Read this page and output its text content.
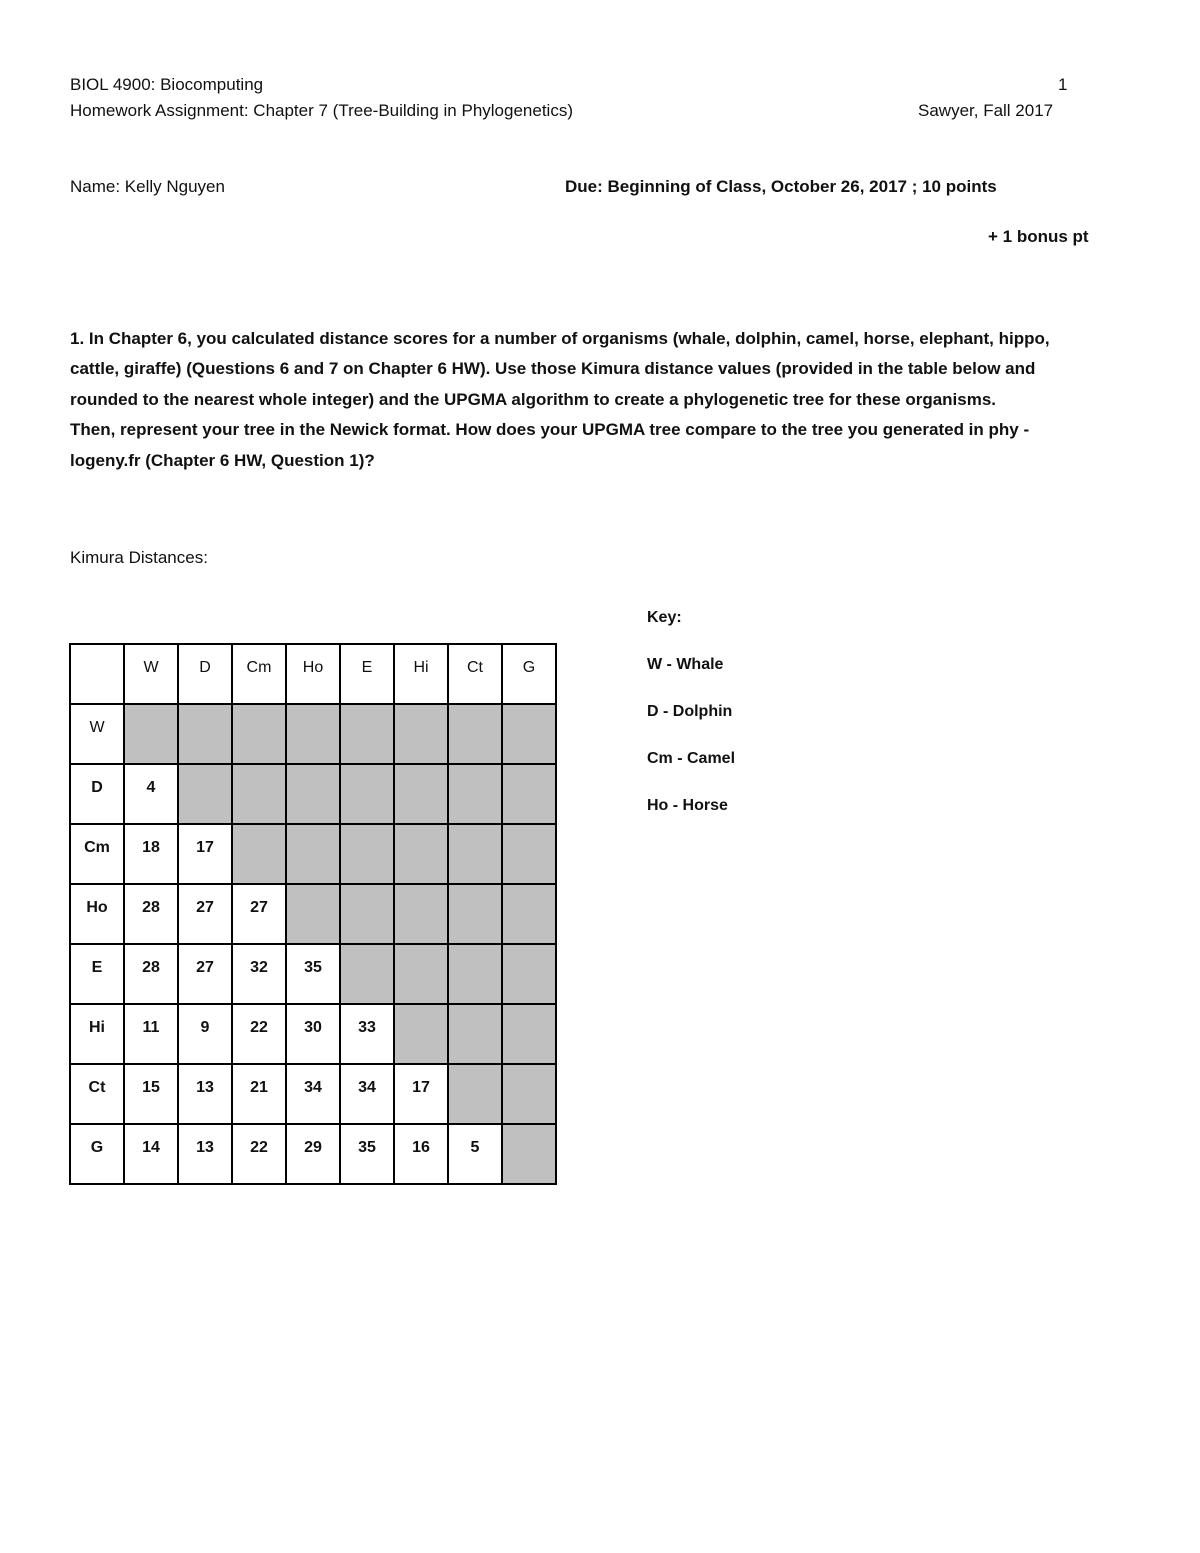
BIOL 4900: Biocomputing	1
Homework Assignment: Chapter 7 (Tree-Building in Phylogenetics)	Sawyer, Fall 2017
Name: Kelly Nguyen	Due: Beginning of Class, October 26, 2017 ; 10 points
+ 1 bonus pt
1. In Chapter 6, you calculated distance scores for a number of organisms (whale, dolphin, camel, horse, elephant, hippo,
cattle, giraffe) (Questions 6 and 7 on Chapter 6 HW). Use those Kimura distance values (provided in the table below and
rounded to the nearest whole integer) and the UPGMA algorithm to create a phylogenetic tree for these organisms.
Then, represent your tree in the Newick format. How does your UPGMA tree compare to the tree you generated in phy -
logeny.fr (Chapter 6 HW, Question 1)?
Kimura Distances:
	W	D	Cm	Ho	E	Hi	Ct	G
W								
D	4							
Cm	18	17						
Ho	28	27	27					
E	28	27	32	35				
Hi	11	9	22	30	33			
Ct	15	13	21	34	34	17		
G	14	13	22	29	35	16	5	
Key:
W - Whale
D - Dolphin
Cm - Camel
Ho - Horse
